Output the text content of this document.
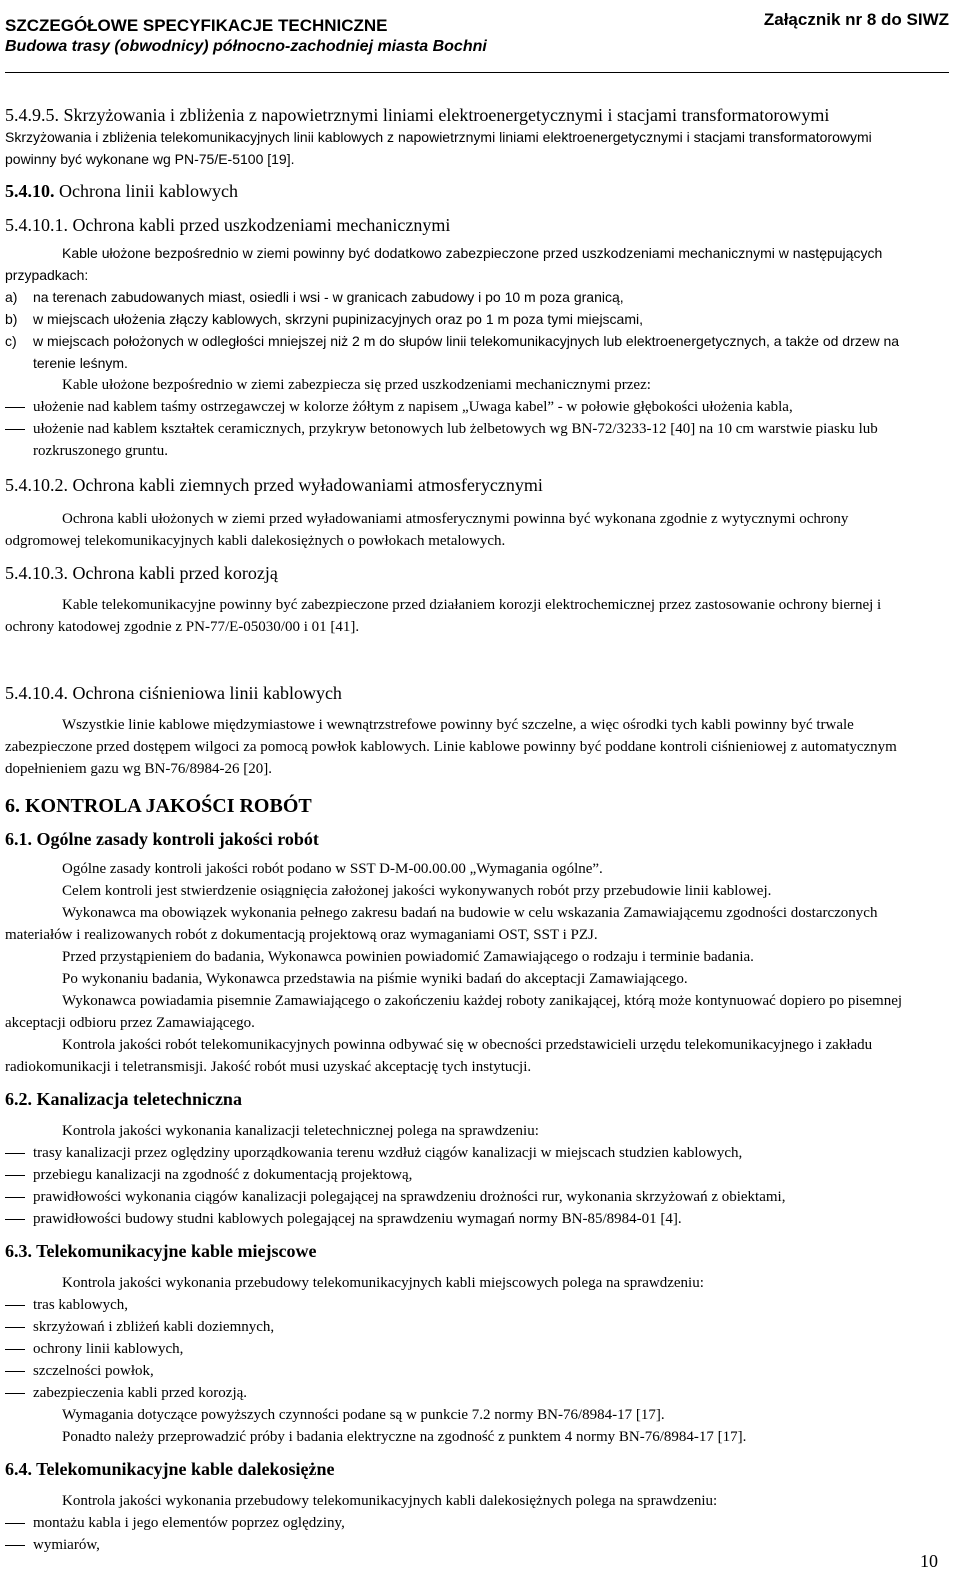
SZCZEGÓŁOWE SPECYFIKACJE TECHNICZNE
Budowa trasy (obwodnicy) północno-zachodniej miasta Bochni
Załącznik nr 8 do SIWZ
5.4.9.5. Skrzyżowania i zbliżenia z napowietrznymi liniami elektroenergetycznymi i stacjami transformatorowymi

Skrzyżowania i zbliżenia telekomunikacyjnych linii kablowych z napowietrznymi liniami elektroenergetycznymi i stacjami transformatorowymi powinny być wykonane wg PN-75/E-5100 [19].

5.4.10. Ochrona linii kablowych
5.4.10.1. Ochrona kabli przed uszkodzeniami mechanicznymi

Kable ułożone bezpośrednio w ziemi powinny być dodatkowo zabezpieczone przed uszkodzeniami mechanicznymi w następujących przypadkach:

a)	na terenach zabudowanych miast, osiedli i wsi - w granicach zabudowy i po 10 m poza granicą,
b)	w miejscach ułożenia złączy kablowych, skrzyni pupinizacyjnych oraz po 1 m poza tymi miejscami,
c)	w miejscach położonych w odległości mniejszej niż 2 m do słupów linii telekomunikacyjnych lub elektroenergetycznych, a także od drzew na terenie leśnym.

Kable ułożone bezpośrednio w ziemi zabezpiecza się przed uszkodzeniami mechanicznymi przez:

ułożenie nad kablem taśmy ostrzegawczej w kolorze żółtym z napisem „Uwaga kabel” - w połowie głębokości ułożenia kabla,
ułożenie nad kablem kształtek ceramicznych, przykryw betonowych lub żelbetowych wg BN-72/3233-12 [40] na 10 cm warstwie piasku lub rozkruszonego gruntu.
5.4.10.2. Ochrona kabli ziemnych przed wyładowaniami atmosferycznymi

Ochrona kabli ułożonych w ziemi przed wyładowaniami atmosferycznymi powinna być wykonana zgodnie z wytycznymi ochrony odgromowej telekomunikacyjnych kabli dalekosiężnych o powłokach metalowych.

5.4.10.3. Ochrona kabli przed korozją

Kable telekomunikacyjne powinny być zabezpieczone przed działaniem korozji elektrochemicznej przez zastosowanie ochrony biernej i ochrony katodowej zgodnie z PN-77/E-05030/00 i 01 [41].

5.4.10.4. Ochrona ciśnieniowa linii kablowych

Wszystkie linie kablowe międzymiastowe i wewnątrzstrefowe powinny być szczelne, a więc ośrodki tych kabli powinny być trwale zabezpieczone przed dostępem wilgoci za pomocą powłok kablowych. Linie kablowe powinny być poddane kontroli ciśnieniowej z automatycznym dopełnieniem gazu wg BN-76/8984-26 [20].

6. KONTROLA JAKOŚCI ROBÓT
6.1. Ogólne zasady kontroli jakości robót

Ogólne zasady kontroli jakości robót podano w SST D-M-00.00.00 „Wymagania ogólne”.

Celem kontroli jest stwierdzenie osiągnięcia założonej jakości wykonywanych robót przy przebudowie linii kablowej.

Wykonawca ma obowiązek wykonania pełnego zakresu badań na budowie w celu wskazania Zamawiającemu zgodności dostarczonych materiałów i realizowanych robót z dokumentacją projektową oraz wymaganiami OST, SST i PZJ.

Przed przystąpieniem do badania, Wykonawca powinien powiadomić Zamawiającego o rodzaju i terminie badania.

Po wykonaniu badania, Wykonawca przedstawia na piśmie wyniki badań do akceptacji Zamawiającego.

Wykonawca powiadamia pisemnie Zamawiającego o zakończeniu każdej roboty zanikającej, którą może kontynuować dopiero po pisemnej akceptacji odbioru przez Zamawiającego.

Kontrola jakości robót telekomunikacyjnych powinna odbywać się w obecności przedstawicieli urzędu telekomunikacyjnego i zakładu radiokomunikacji i teletransmisji. Jakość robót musi uzyskać akceptację tych instytucji.

6.2. Kanalizacja teletechniczna

Kontrola jakości wykonania kanalizacji teletechnicznej polega na sprawdzeniu:

trasy kanalizacji przez oględziny uporządkowania terenu wzdłuż ciągów kanalizacji w miejscach studzien kablowych,
przebiegu kanalizacji na zgodność z dokumentacją projektową,
prawidłowości wykonania ciągów kanalizacji polegającej na sprawdzeniu drożności rur, wykonania skrzyżowań z obiektami,
prawidłowości budowy studni kablowych polegającej na sprawdzeniu wymagań normy BN-85/8984-01 [4].
6.3. Telekomunikacyjne kable miejscowe

Kontrola jakości wykonania przebudowy telekomunikacyjnych kabli miejscowych polega na sprawdzeniu:

tras kablowych,
skrzyżowań i zbliżeń kabli doziemnych,
ochrony linii kablowych,
szczelności powłok,
zabezpieczenia kabli przed korozją.

Wymagania dotyczące powyższych czynności podane są w punkcie 7.2 normy BN-76/8984-17 [17].

Ponadto należy przeprowadzić próby i badania elektryczne na zgodność z punktem 4 normy BN-76/8984-17 [17].

6.4. Telekomunikacyjne kable dalekosiężne

Kontrola jakości wykonania przebudowy telekomunikacyjnych kabli dalekosiężnych polega na sprawdzeniu:

montażu kabla i jego elementów poprzez oględziny,
wymiarów,
10
